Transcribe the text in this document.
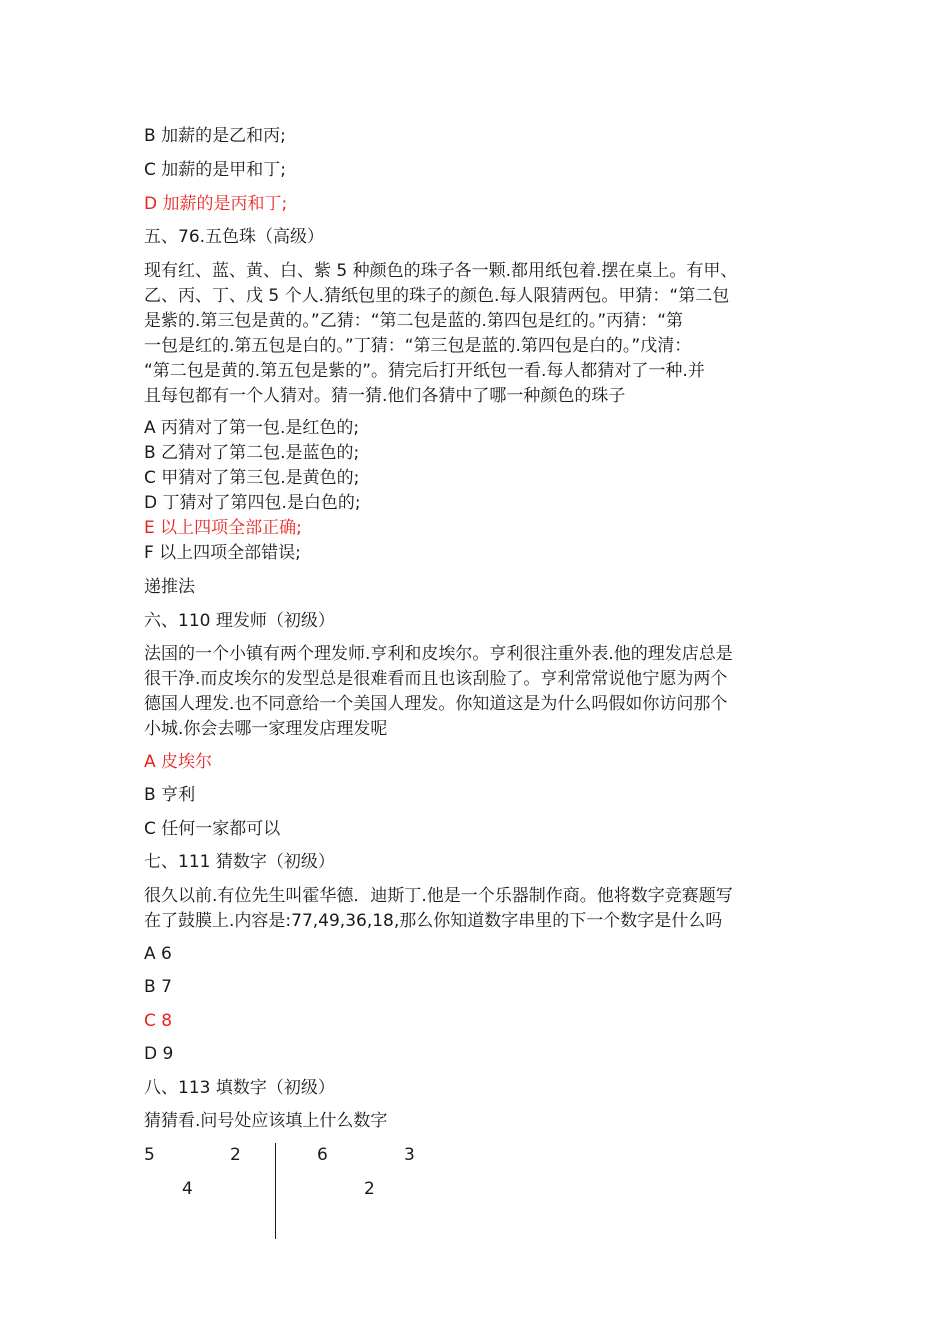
B 加薪的是乙和丙;
C 加薪的是甲和丁;
D 加薪的是丙和丁;
五、76.五色珠（高级）
现有红、蓝、黄、白、紫 5 种颜色的珠子各一颗.都用纸包着.摆在桌上。有甲、
乙、丙、丁、戊 5 个人.猜纸包里的珠子的颜色.每人限猜两包。甲猜：“第二包
是紫的.第三包是黄的。”乙猜：“第二包是蓝的.第四包是红的。”丙猜：“第
一包是红的.第五包是白的。”丁猜：“第三包是蓝的.第四包是白的。”戊清：
“第二包是黄的.第五包是紫的”。猜完后打开纸包一看.每人都猜对了一种.并
且每包都有一个人猜对。猜一猜.他们各猜中了哪一种颜色的珠子
A 丙猜对了第一包.是红色的;
B 乙猜对了第二包.是蓝色的;
C 甲猜对了第三包.是黄色的;
D 丁猜对了第四包.是白色的;
E 以上四项全部正确;
F 以上四项全部错误;
递推法
六、110 理发师（初级）
法国的一个小镇有两个理发师.亨利和皮埃尔。亨利很注重外表.他的理发店总是
很干净.而皮埃尔的发型总是很难看而且也该刮脸了。亨利常常说他宁愿为两个
德国人理发.也不同意给一个美国人理发。你知道这是为什么吗假如你访问那个
小城.你会去哪一家理发店理发呢
A 皮埃尔
B 亨利
C 任何一家都可以
七、111 猜数字（初级）
很久以前.有位先生叫霍华德．迪斯丁.他是一个乐器制作商。他将数字竞赛题写
在了鼓膜上.内容是:77,49,36,18,那么你知道数字串里的下一个数字是什么吗
A 6
B 7
C 8
D 9
八、113 填数字（初级）
猜猜看.问号处应该填上什么数字
5	2
4
6	3
2
